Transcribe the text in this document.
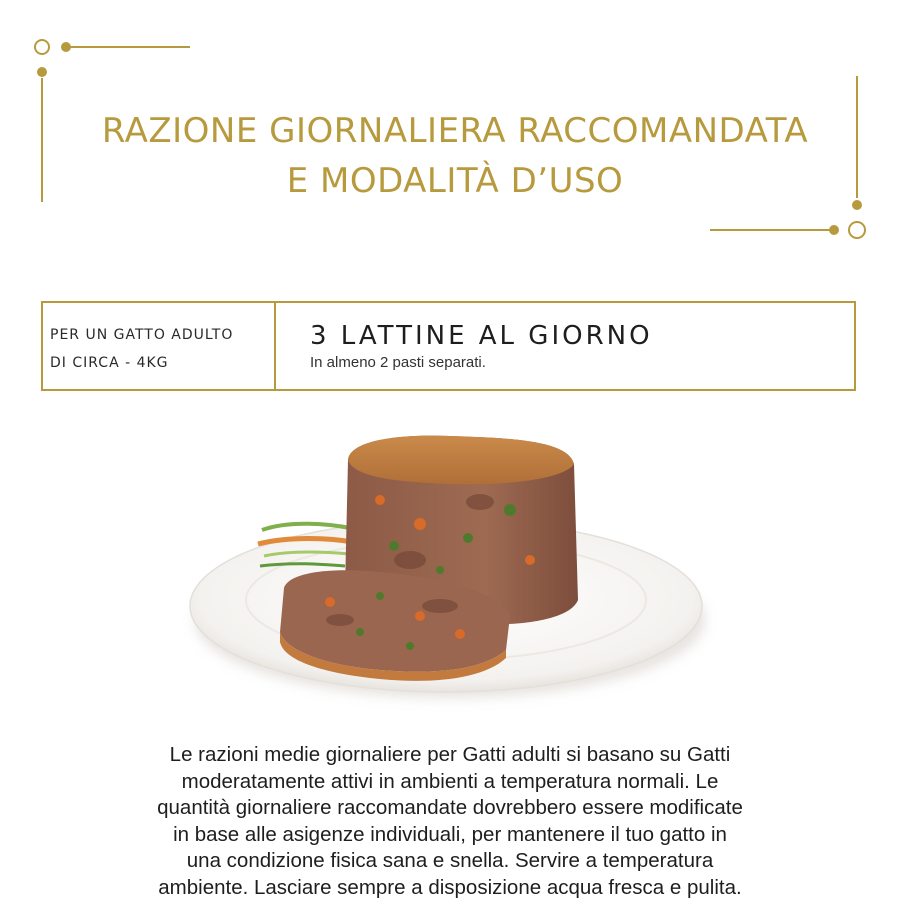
RAZIONE GIORNALIERA RACCOMANDATA
E MODALITÀ D’USO
PER UN GATTO ADULTO
DI CIRCA - 4KG
3 LATTINE AL GIORNO
In almeno 2 pasti separati.
Le razioni medie giornaliere per Gatti adulti si basano su Gatti
moderatamente attivi in ambienti a temperatura normali. Le
quantità giornaliere raccomandate dovrebbero essere modificate
in base alle asigenze individuali, per mantenere il tuo gatto in
una condizione fisica sana e snella. Servire a temperatura
ambiente. Lasciare sempre a disposizione acqua fresca e pulita.
